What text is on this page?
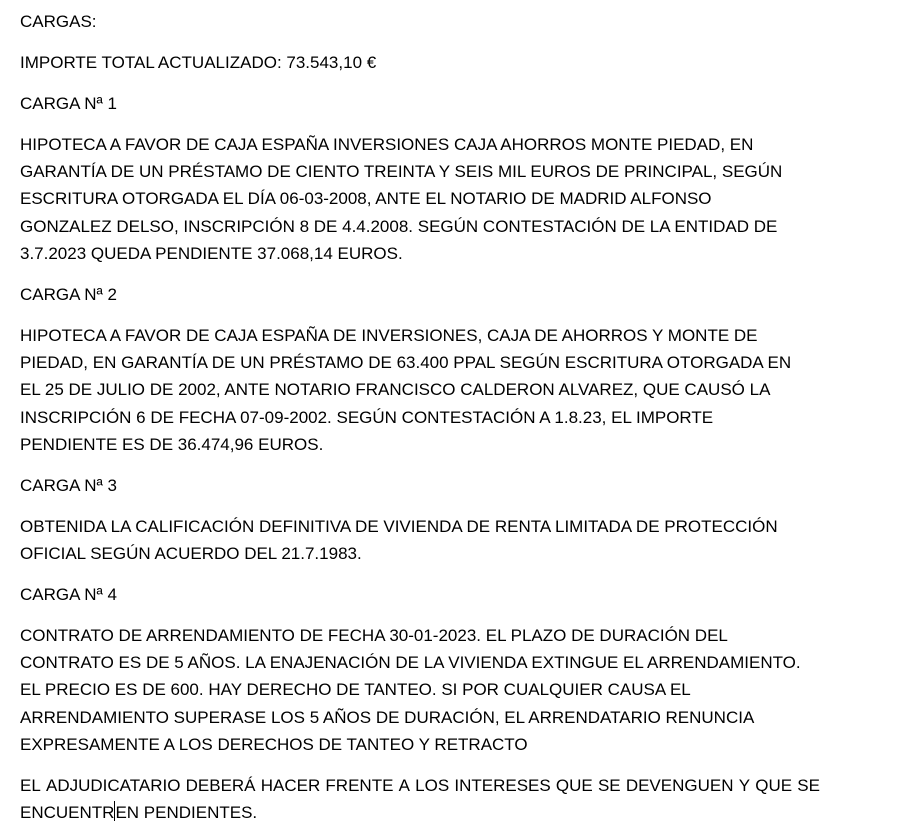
CARGAS:

IMPORTE TOTAL ACTUALIZADO: 73.543,10 €

CARGA Nª 1

HIPOTECA A FAVOR DE CAJA ESPAÑA INVERSIONES CAJA AHORROS MONTE PIEDAD, EN
GARANTÍA DE UN PRÉSTAMO DE CIENTO TREINTA Y SEIS MIL EUROS DE PRINCIPAL, SEGÚN
ESCRITURA OTORGADA EL DÍA 06-03-2008, ANTE EL NOTARIO DE MADRID ALFONSO
GONZALEZ DELSO, INSCRIPCIÓN 8 DE 4.4.2008. SEGÚN CONTESTACIÓN DE LA ENTIDAD DE
3.7.2023 QUEDA PENDIENTE 37.068,14 EUROS.

CARGA Nª 2

HIPOTECA A FAVOR DE CAJA ESPAÑA DE INVERSIONES, CAJA DE AHORROS Y MONTE DE
PIEDAD, EN GARANTÍA DE UN PRÉSTAMO DE 63.400 PPAL SEGÚN ESCRITURA OTORGADA EN
EL 25 DE JULIO DE 2002, ANTE NOTARIO FRANCISCO CALDERON ALVAREZ, QUE CAUSÓ LA
INSCRIPCIÓN 6 DE FECHA 07-09-2002. SEGÚN CONTESTACIÓN A 1.8.23, EL IMPORTE
PENDIENTE ES DE 36.474,96 EUROS.

CARGA Nª 3

OBTENIDA LA CALIFICACIÓN DEFINITIVA DE VIVIENDA DE RENTA LIMITADA DE PROTECCIÓN
OFICIAL SEGÚN ACUERDO DEL 21.7.1983.

CARGA Nª 4

CONTRATO DE ARRENDAMIENTO DE FECHA 30-01-2023. EL PLAZO DE DURACIÓN DEL
CONTRATO ES DE 5 AÑOS. LA ENAJENACIÓN DE LA VIVIENDA EXTINGUE EL ARRENDAMIENTO.
EL PRECIO ES DE 600. HAY DERECHO DE TANTEO. SI POR CUALQUIER CAUSA EL
ARRENDAMIENTO SUPERASE LOS 5 AÑOS DE DURACIÓN, EL ARRENDATARIO RENUNCIA
EXPRESAMENTE A LOS DERECHOS DE TANTEO Y RETRACTO

EL ADJUDICATARIO DEBERÁ HACER FRENTE A LOS INTERESES QUE SE DEVENGUEN Y QUE SE
ENCUENTREN PENDIENTES.
